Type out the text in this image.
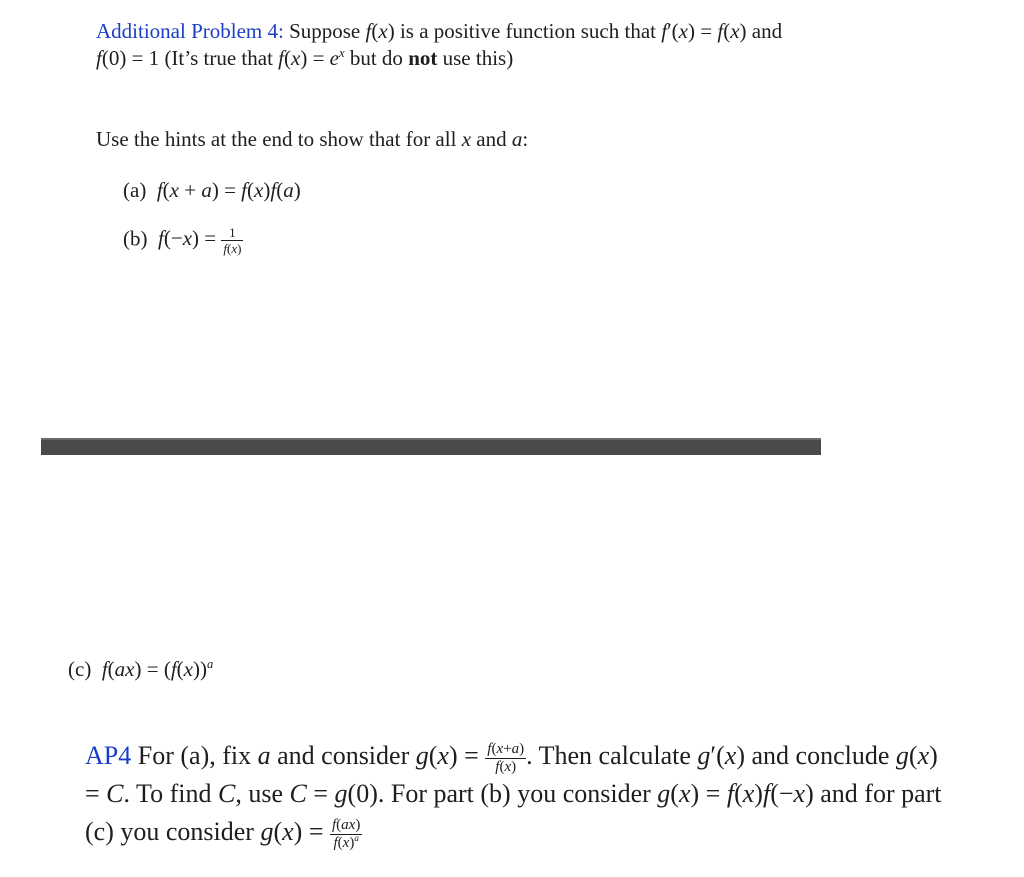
Additional Problem 4: Suppose f(x) is a positive function such that f′(x) = f(x) and f(0) = 1 (It’s true that $f(x) = e^x$ but do not use this)
Use the hints at the end to show that for all x and a:
(a) f(x + a) = f(x)f(a)
(b) $f(-x) = \frac{1}{f(x)}$
(c) $f(ax) = (f(x))^a$
AP4 For (a), fix a and consider $g(x) = \frac{f(x+a)}{f(x)}$ . Then calculate g′(x) and conclude g(x) = C. To find C, use C = g(0). For part (b) you consider g(x) = f(x)f(−x) and for part (c) you consider $g(x) = \frac{f(ax)}{f(x)^a}$
